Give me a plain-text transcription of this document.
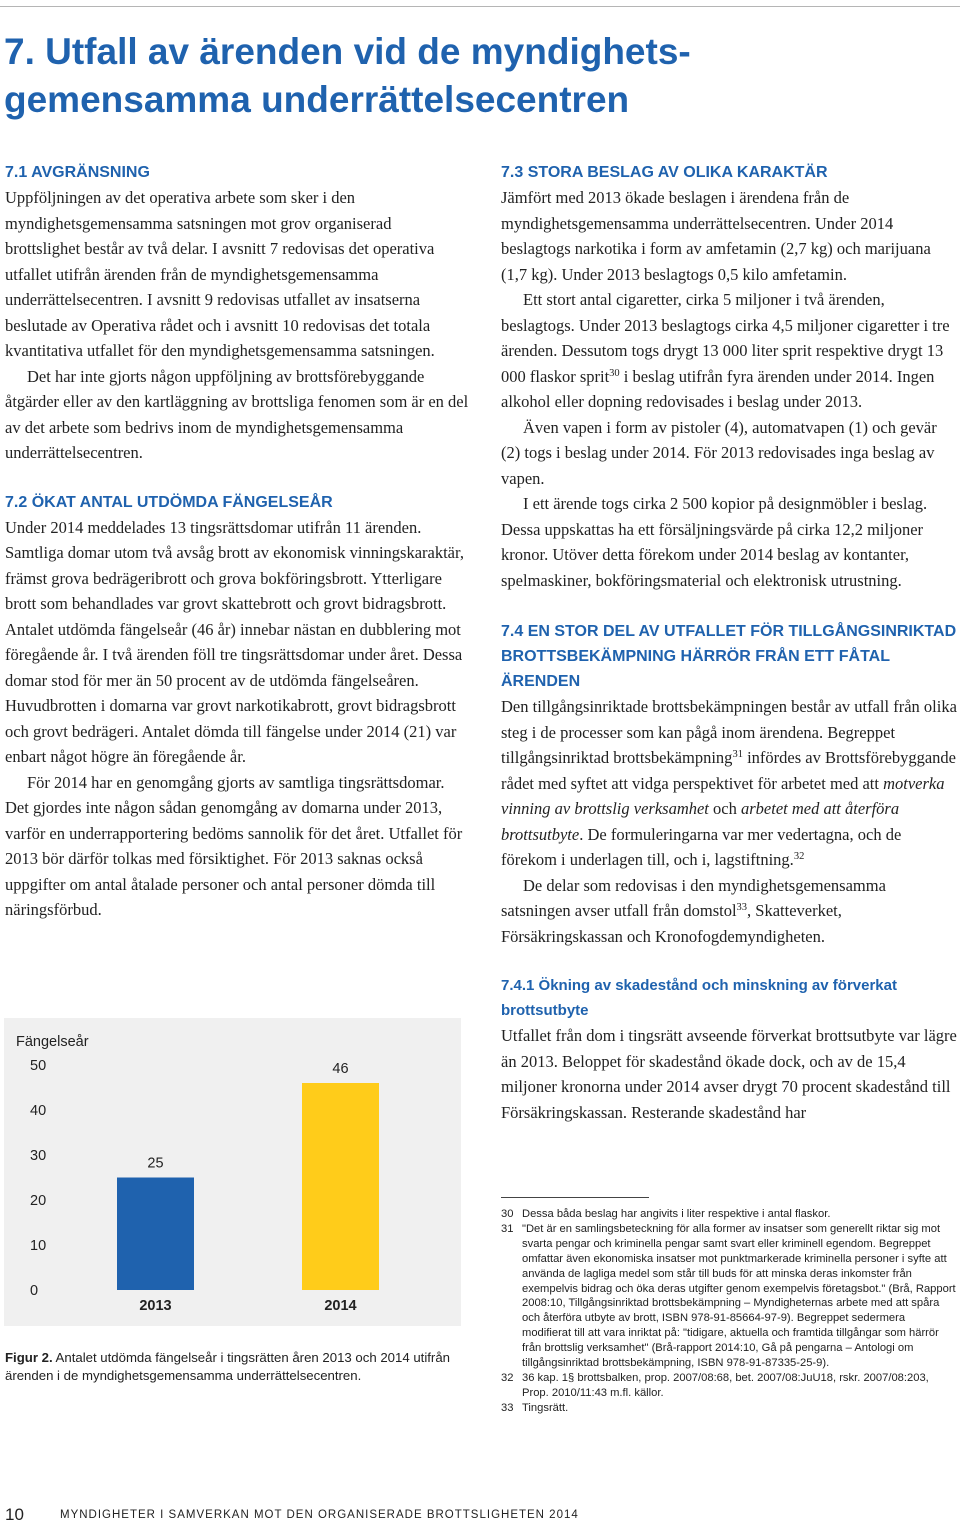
7. Utfall av ärenden vid de myndighets-gemensamma underrättelsecentren
7.1 AVGRÄNSNING

Uppföljningen av det operativa arbete som sker i den myndighetsgemensamma satsningen mot grov organiserad brottslighet består av två delar. I avsnitt 7 redovisas det operativa utfallet utifrån ärenden från de myndighetsgemensamma underrättelsecentren. I avsnitt 9 redovisas utfallet av insatserna beslutade av Operativa rådet och i avsnitt 10 redovisas det totala kvantitativa utfallet för den myndighetsgemensamma satsningen.

Det har inte gjorts någon uppföljning av brottsförebyggande åtgärder eller av den kartläggning av brottsliga fenomen som är en del av det arbete som bedrivs inom de myndighetsgemensamma underrättelsecentren.

7.2 ÖKAT ANTAL UTDÖMDA FÄNGELSEÅR

Under 2014 meddelades 13 tingsrättsdomar utifrån 11 ärenden. Samtliga domar utom två avsåg brott av ekonomisk vinningskaraktär, främst grova bedrägeribrott och grova bokföringsbrott. Ytterligare brott som behandlades var grovt skattebrott och grovt bidragsbrott. Antalet utdömda fängelseår (46 år) innebar nästan en dubblering mot föregående år. I två ärenden föll tre tingsrättsdomar under året. Dessa domar stod för mer än 50 procent av de utdömda fängelseåren. Huvudbrotten i domarna var grovt narkotikabrott, grovt bidragsbrott och grovt bedrägeri. Antalet dömda till fängelse under 2014 (21) var enbart något högre än föregående år.

För 2014 har en genomgång gjorts av samtliga tingsrättsdomar. Det gjordes inte någon sådan genomgång av domarna under 2013, varför en underrapportering bedöms sannolik för det året. Utfallet för 2013 bör därför tolkas med försiktighet. För 2013 saknas också uppgifter om antal åtalade personer och antal personer dömda till näringsförbud.

7.3 STORA BESLAG AV OLIKA KARAKTÄR

Jämfört med 2013 ökade beslagen i ärendena från de myndighetsgemensamma underrättelsecentren. Under 2014 beslagtogs narkotika i form av amfetamin (2,7 kg) och marijuana (1,7 kg). Under 2013 beslagtogs 0,5 kilo amfetamin.

Ett stort antal cigaretter, cirka 5 miljoner i två ärenden, beslagtogs. Under 2013 beslagtogs cirka 4,5 miljoner cigaretter i tre ärenden. Dessutom togs drygt 13 000 liter sprit respektive drygt 13 000 flaskor sprit$^{30}$ i beslag utifrån fyra ärenden under 2014. Ingen alkohol eller dopning redovisades i beslag under 2013.

Även vapen i form av pistoler (4), automatvapen (1) och gevär (2) togs i beslag under 2014. För 2013 redovisades inga beslag av vapen.

I ett ärende togs cirka 2 500 kopior på designmöbler i beslag. Dessa uppskattas ha ett försäljningsvärde på cirka 12,2 miljoner kronor. Utöver detta förekom under 2014 beslag av kontanter, spelmaskiner, bokföringsmaterial och elektronisk utrustning.

7.4 EN STOR DEL AV UTFALLET FÖR TILLGÅNGSINRIKTAD BROTTSBEKÄMPNING HÄRRÖR FRÅN ETT FÅTAL ÄRENDEN

Den tillgångsinriktade brottsbekämpningen består av utfall från olika steg i de processer som kan pågå inom ärendena. Begreppet tillgångsinriktad brottsbekämpning$^{31}$ infördes av Brottsförebyggande rådet med syftet att vidga perspektivet för arbetet med att motverka vinning av brottslig verksamhet och arbetet med att återföra brottsutbyte. De formuleringarna var mer vedertagna, och de förekom i underlagen till, och i, lagstiftning.$^{32}$

De delar som redovisas i den myndighetsgemensamma satsningen avser utfall från domstol$^{33}$, Skatteverket, Försäkringskassan och Kronofogdemyndigheten.

7.4.1 Ökning av skadestånd och minskning av förverkat brottsutbyte

Utfallet från dom i tingsrätt avseende förverkat brottsutbyte var lägre än 2013. Beloppet för skadestånd ökade dock, och av de 15,4 miljoner kronorna under 2014 avser drygt 70 procent skadestånd till Försäkringskassan. Resterande skadestånd har

Fängelseår
0
10
20
30
40
50
25
2013
46
2014
Figur 2. Antalet utdömda fängelseår i tingsrätten åren 2013 och 2014 utifrån ärenden i de myndighetsgemensamma underrättelsecentren.
30 Dessa båda beslag har angivits i liter respektive i antal flaskor.
31 "Det är en samlingsbeteckning för alla former av insatser som generellt riktar sig mot svarta pengar och kriminella pengar samt svart eller kriminell egendom. Begreppet omfattar även ekonomiska insatser mot punktmarkerade kriminella personer i syfte att använda de lagliga medel som står till buds för att minska deras inkomster från exempelvis bidrag och öka deras utgifter genom exempelvis företagsbot." (Brå, Rapport 2008:10, Tillgångsinriktad brottsbekämpning – Myndigheternas arbete med att spåra och återföra utbyte av brott, ISBN 978-91-85664-97-9). Begreppet sedermera modifierat till att vara inriktat på: "tidigare, aktuella och framtida tillgångar som härrör från brottslig verksamhet" (Brå-rapport 2014:10, Gå på pengarna – Antologi om tillgångsinriktad brottsbekämpning, ISBN 978-91-87335-25-9).
32 36 kap. 1§ brottsbalken, prop. 2007/08:68, bet. 2007/08:JuU18, rskr. 2007/08:203, Prop. 2010/11:43 m.fl. källor.
33 Tingsrätt.
10	MYNDIGHETER I SAMVERKAN MOT DEN ORGANISERADE BROTTSLIGHETEN 2014
